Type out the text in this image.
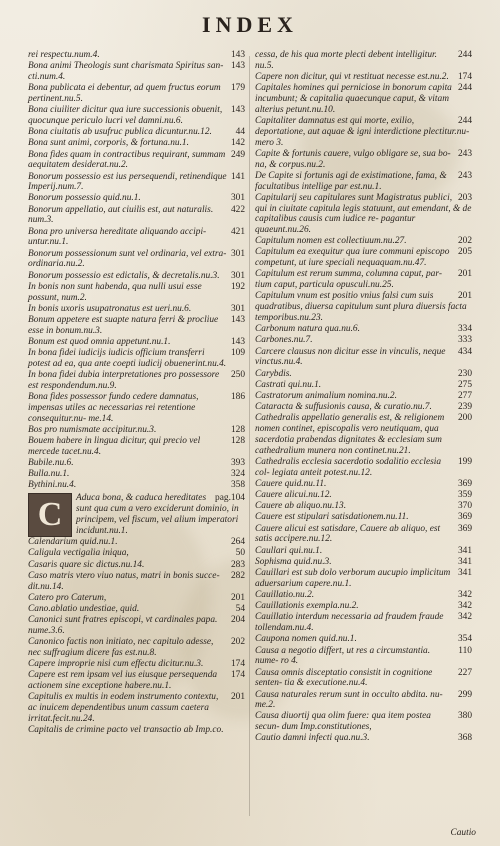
INDEX
143
rei respectu.num.4.
143
Bona animi Theologis sunt charismata Spiritus san- cti.num.4.
179
Bona publicata ei debentur, ad quem fructus eorum pertinent.nu.5.
143
Bona ciuiliter dicitur qua iure successionis obuenit, quocunque periculo lucri vel damni.nu.6.
44
Bona ciuitatis ab usufruc publica dicuntur.nu.12.
142
Bona sunt animi, corporis, & fortuna.nu.1.
249
Bona fides quam in contractibus requirant, summam aequitatem desiderat.nu.2.
141
Bonorum possessio est ius persequendi, retinendique Imperij.num.7.
301
Bonorum possessio quid.nu.1.
422
Bonorum appellatio, aut ciuilis est, aut naturalis. num.3.
421
Bona pro universa hereditate aliquando accipi- untur.nu.1.
301
Bonorum possessionum sunt vel ordinaria, vel extra- ordinaria.nu.2.
301
Bonorum possessio est edictalis, & decretalis.nu.3.
192
In bonis non sunt habenda, qua nulli usui esse possunt, num.2.
301
In bonis uxoris usupatronatus est ueri.nu.6.
143
Bonum appetere est suapte natura ferri & procliue esse in bonum.nu.3.
143
Bonum est quod omnia appetunt.nu.1.
109
In bona fidei iudicijs iudicis officium transferri potest ad ea, qua ante coepti iudicij obuenerint.nu.4.
250
In bona fidei dubia interpretationes pro possessore est respondendum.nu.9.
186
Bona fides possessor fundo cedere damnatus, impensas utiles ac necessarias rei retentione consequitur.nu- me.14.
128
Bos pro numismate accipitur.nu.3.
128
Bouem habere in lingua dicitur, qui precio vel mercede tacet.nu.4.
393
Bubile.nu.6.
324
Bulla.nu.1.
358
Bythini.nu.4.
C	pag.104
Aduca bona, & caduca hereditates sunt qua cum a vero exciderunt dominio, in principem, vel fiscum, vel alium imperatori incidunt.nu.1.
264
Calendarium quid.nu.1.
50
Caligula vectigalia iniqua,
283
Casaris quare sic dictus.nu.14.
282
Caso matris vtero viuo natus, matri in bonis succe- dit.nu.14.
201
Catero pro Caterum,
54
Cano.ablatio undestiae, quid.
204
Canonici sunt fratres episcopi, vt cardinales papa. nume.3.6.
202
Canonico factis non initiato, nec capitulo adesse, nec suffragium dicere fas est.nu.8.
174
Capere improprie nisi cum effectu dicitur.nu.3.
174
Capere est rem ipsam vel ius eiusque persequenda actionem sine exceptione habere.nu.1.
201
Capitulis ex multis in eodem instrumento contextu, ac inuicem dependentibus unum cassum caetera irritat.fecit.nu.24.
Capitalis de crimine pacto vel transactio ab Imp.co.
244
cessa, de his qua morte plecti debent intelligitur. nu.5.
174
Capere non dicitur, qui vt restituat necesse est.nu.2.
244
Capitales homines qui perniciose in bonorum capita incumbunt; & capitalia quaecunque caput, & vitam alterius petunt.nu.10.
244
Capitaliter damnatus est qui morte, exilio, deportatione, aut aquae & igni interdictione plectitur.nu- mero 3.
243
Capite & fortunis cauere, vulgo obligare se, sua bo- na, & corpus.nu.2.
243
De Capite si fortunis agi de existimatione, fama, & facultatibus intellige par est.nu.1.
203
Capitularij seu capitulares sunt Magistratus publici, qui in ciuitate capitula legis statuunt, aut emendant, & de capitalibus causis cum iudice re- pagantur quaeunt.nu.26.
202
Capitulum nomen est collectiuum.nu.27.
205
Capitulum ea exequitur qua iure communi episcopo competunt, ut iure speciali nequaquam.nu.47.
201
Capitulum est rerum summa, columna caput, par- tium caput, particula opusculi.nu.25.
201
Capitulum vnum est positio vnius falsi cum suis quadratibus, diuersa capitulum sunt plura diuersis facta temporibus.nu.23.
334
Carbonum natura qua.nu.6.
333
Carbones.nu.7.
434
Carcere clausus non dicitur esse in vinculis, neque vinctus.nu.4.
230
Carybdis.
275
Castrati qui.nu.1.
277
Castratorum animalium nomina.nu.2.
239
Cataracta & suffusionis causa, & curatio.nu.7.
200
Cathedralis appellatio generalis est, & religionem nomen continet, episcopalis vero neutiquam, qua sacerdotia prabendas dignitates & ecclesiam sum cathedralium munera non continet.nu.21.
199
Cathedralis ecclesia sacerdotio sodalitio ecclesia col- legiata anteit potest.nu.12.
369
Cauere quid.nu.11.
359
Cauere alicui.nu.12.
370
Cauere ab aliquo.nu.13.
369
Cauere est stipulari satisdationem.nu.11.
369
Cauere alicui est satisdare, Cauere ab aliquo, est satis accipere.nu.12.
341
Caullari qui.nu.1.
341
Sophisma quid.nu.3.
341
Cauillari est sub dolo verborum aucupio implicitum aduersarium capere.nu.1.
342
Cauillatio.nu.2.
342
Cauillationis exempla.nu.2.
342
Cauillatio interdum necessaria ad fraudem fraude tollendam.nu.4.
354
Caupona nomen quid.nu.1.
110
Causa a negotio differt, ut res a circumstantia. nume- ro 4.
227
Causa omnis disceptatio consistit in cognitione senten- tia & executione.nu.4.
299
Causa naturales rerum sunt in occulto abdita. nu- me.2.
380
Causa diuortij qua olim fuere: qua item postea secun- dum Imp.constitutiones,
368
Cautio damni infecti qua.nu.3.
Cautio
